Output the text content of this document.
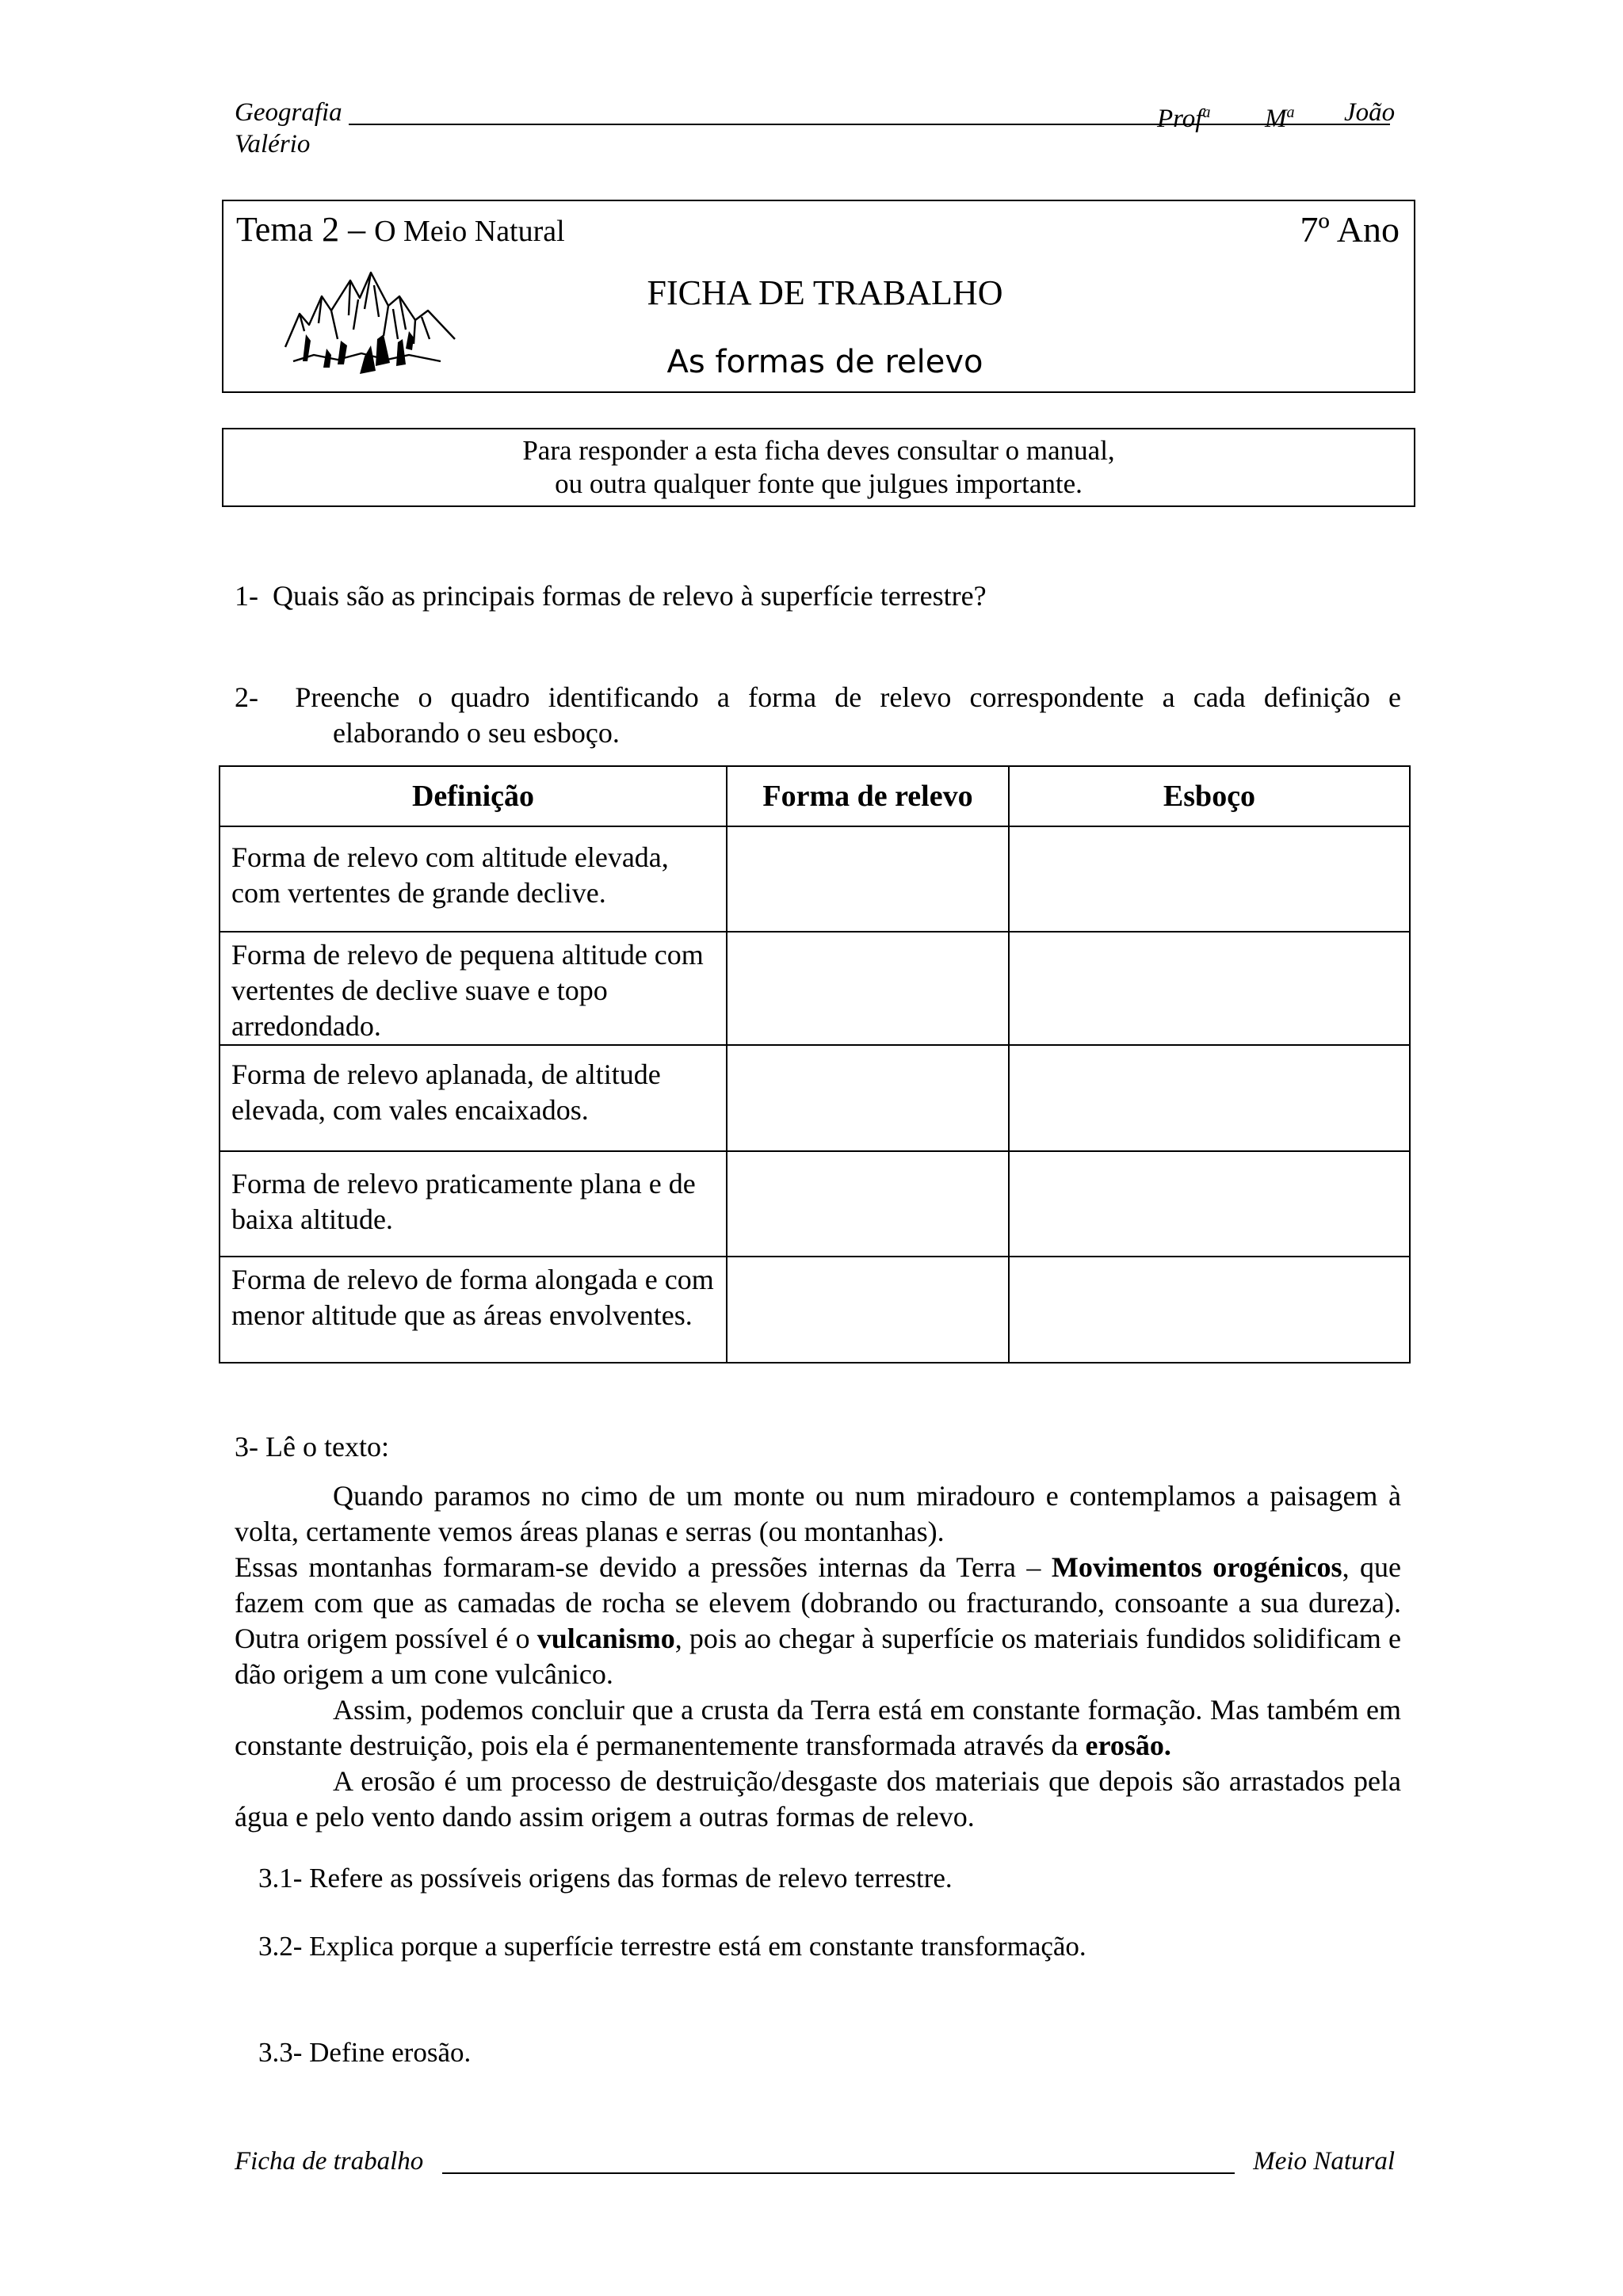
Geografia	Prof$^a$ $M^a$ João
Valério
Tema 2 – O Meio Natural	7º Ano
FICHA DE TRABALHO
As formas de relevo
Para responder a esta ficha deves consultar o manual,
ou outra qualquer fonte que julgues importante.
1-  Quais são as principais formas de relevo à superfície terrestre?
2-  Preenche o quadro identificando a forma de relevo correspondente a cada definição e
elaborando o seu esboço.
Definição	Forma de relevo	Esboço
Forma de relevo com altitude elevada, com vertentes de grande declive.		
Forma de relevo de pequena altitude com vertentes de declive suave e topo arredondado.		
Forma de relevo aplanada, de altitude elevada, com vales encaixados.		
Forma de relevo praticamente plana e de baixa altitude.		
Forma de relevo de forma alongada e com menor altitude que as áreas envolventes.		
3- Lê o texto:

Quando paramos no cimo de um monte ou num miradouro e contemplamos a paisagem à volta, certamente vemos áreas planas e serras (ou montanhas).

Essas montanhas formaram-se devido a pressões internas da Terra – Movimentos orogénicos, que fazem com que as camadas de rocha se elevem (dobrando ou fracturando, consoante a sua dureza). Outra origem possível é o vulcanismo, pois ao chegar à superfície os materiais fundidos solidificam e dão origem a um cone vulcânico.

Assim, podemos concluir que a crusta da Terra está em constante formação. Mas também em constante destruição, pois ela é permanentemente transformada através da erosão.

A erosão é um processo de destruição/desgaste dos materiais que depois são arrastados pela água e pelo vento dando assim origem a outras formas de relevo.

3.1- Refere as possíveis origens das formas de relevo terrestre.
3.2- Explica porque a superfície terrestre está em constante transformação.
3.3- Define erosão.
Ficha de trabalho	Meio Natural
